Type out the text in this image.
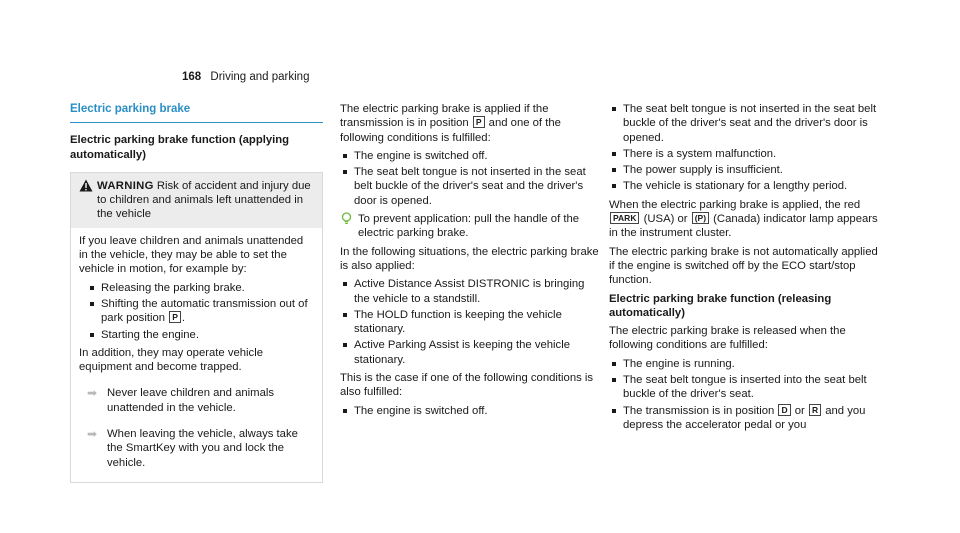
168 Driving and parking
Electric parking brake
Electric parking brake function (applying automatically)
WARNING Risk of accident and injury due to children and animals left unattended in the vehicle

If you leave children and animals unattended in the vehicle, they may be able to set the vehicle in motion, for example by:

Releasing the parking brake.
Shifting the automatic transmission out of park position P .
Starting the engine.

In addition, they may operate vehicle equipment and become trapped.

➡ Never leave children and animals unattended in the vehicle.
➡ When leaving the vehicle, always take the SmartKey with you and lock the vehicle.

The electric parking brake is applied if the transmission is in position P and one of the following conditions is fulfilled:

The engine is switched off.
The seat belt tongue is not inserted in the seat belt buckle of the driver's seat and the driver's door is opened.
To prevent application: pull the handle of the electric parking brake.

In the following situations, the electric parking brake is also applied:

Active Distance Assist DISTRONIC is bringing the vehicle to a standstill.
The HOLD function is keeping the vehicle stationary.
Active Parking Assist is keeping the vehicle stationary.

This is the case if one of the following conditions is also fulfilled:

The engine is switched off.
The seat belt tongue is not inserted in the seat belt buckle of the driver's seat and the driver's door is opened.
There is a system malfunction.
The power supply is insufficient.
The vehicle is stationary for a lengthy period.

When the electric parking brake is applied, the red PARK (USA) or (P) (Canada) indicator lamp appears in the instrument cluster.

The electric parking brake is not automatically applied if the engine is switched off by the ECO start/stop function.

Electric parking brake function (releasing automatically)

The electric parking brake is released when the following conditions are fulfilled:

The engine is running.
The seat belt tongue is inserted into the seat belt buckle of the driver's seat.
The transmission is in position D or R and you depress the accelerator pedal or you
